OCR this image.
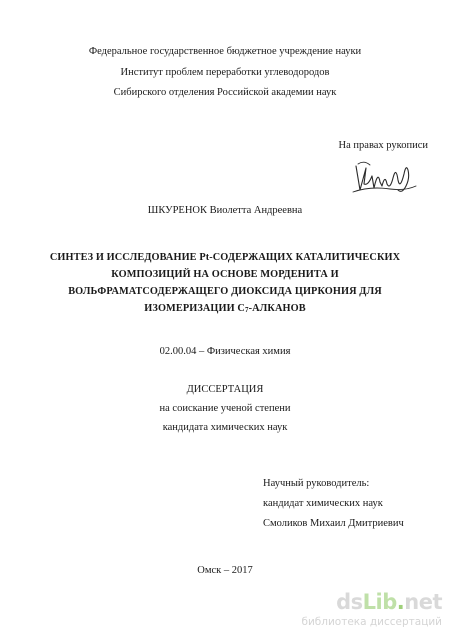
Федеральное государственное бюджетное учреждение науки
Институт проблем переработки углеводородов
Сибирского отделения Российской академии наук
На правах рукописи
ШКУРЕНОК Виолетта Андреевна
СИНТЕЗ И ИССЛЕДОВАНИЕ Pt-СОДЕРЖАЩИХ КАТАЛИТИЧЕСКИХ
КОМПОЗИЦИЙ НА ОСНОВЕ МОРДЕНИТА И
ВОЛЬФРАМАТСОДЕРЖАЩЕГО ДИОКСИДА ЦИРКОНИЯ ДЛЯ
ИЗОМЕРИЗАЦИИ $С_7$-АЛКАНОВ
02.00.04 – Физическая химия
ДИССЕРТАЦИЯ
на соискание ученой степени
кандидата химических наук
Научный руководитель:
кандидат химических наук
Смоликов Михаил Дмитриевич
Омск – 2017
dsLib.net
библиотека диссертаций
